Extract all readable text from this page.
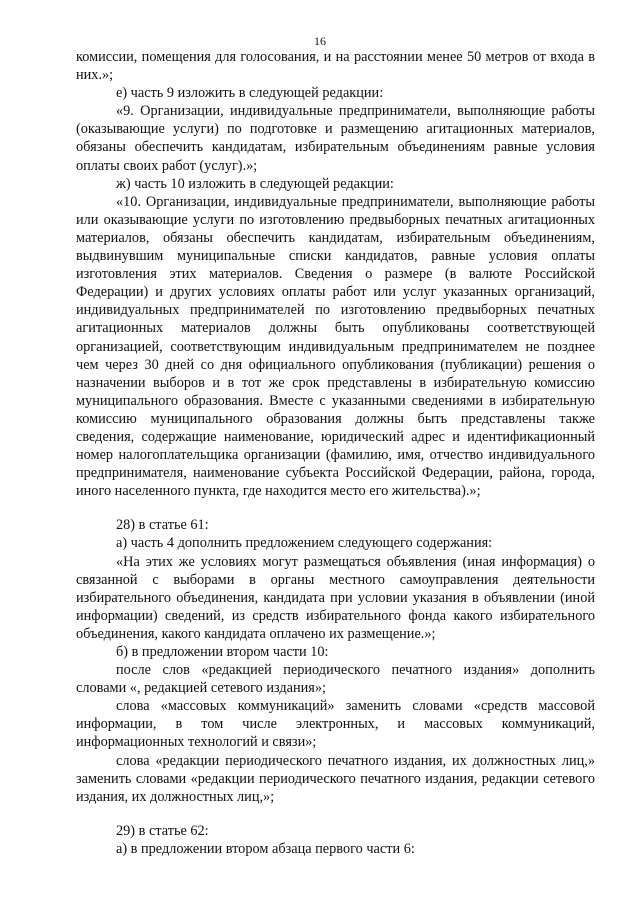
16

комиссии, помещения для голосования, и на расстоянии менее 50 метров от входа в них.»;

е) часть 9 изложить в следующей редакции:

«9. Организации, индивидуальные предприниматели, выполняющие работы (оказывающие услуги) по подготовке и размещению агитационных материалов, обязаны обеспечить кандидатам, избирательным объединениям равные условия оплаты своих работ (услуг).»;

ж) часть 10 изложить в следующей редакции:

«10. Организации, индивидуальные предприниматели, выполняющие работы или оказывающие услуги по изготовлению предвыборных печатных агитационных материалов, обязаны обеспечить кандидатам, избирательным объединениям, выдвинувшим муниципальные списки кандидатов, равные условия оплаты изготовления этих материалов. Сведения о размере (в валюте Российской Федерации) и других условиях оплаты работ или услуг указанных организаций, индивидуальных предпринимателей по изготовлению предвыборных печатных агитационных материалов должны быть опубликованы соответствующей организацией, соответствующим индивидуальным предпринимателем не позднее чем через 30 дней со дня официального опубликования (публикации) решения о назначении выборов и в тот же срок представлены в избирательную комиссию муниципального образования. Вместе с указанными сведениями в избирательную комиссию муниципального образования должны быть представлены также сведения, содержащие наименование, юридический адрес и идентификационный номер налогоплательщика организации (фамилию, имя, отчество индивидуального предпринимателя, наименование субъекта Российской Федерации, района, города, иного населенного пункта, где находится место его жительства).»;

28) в статье 61:

а) часть 4 дополнить предложением следующего содержания:

«На этих же условиях могут размещаться объявления (иная информация) о связанной с выборами в органы местного самоуправления деятельности избирательного объединения, кандидата при условии указания в объявлении (иной информации) сведений, из средств избирательного фонда какого избирательного объединения, какого кандидата оплачено их размещение.»;

б) в предложении втором части 10:

после слов «редакцией периодического печатного издания» дополнить словами «, редакцией сетевого издания»;

слова «массовых коммуникаций» заменить словами «средств массовой информации, в том числе электронных, и массовых коммуникаций, информационных технологий и связи»;

слова «редакции периодического печатного издания, их должностных лиц,» заменить словами «редакции периодического печатного издания, редакции сетевого издания, их должностных лиц,»;

29) в статье 62:

а) в предложении втором абзаца первого части 6:
